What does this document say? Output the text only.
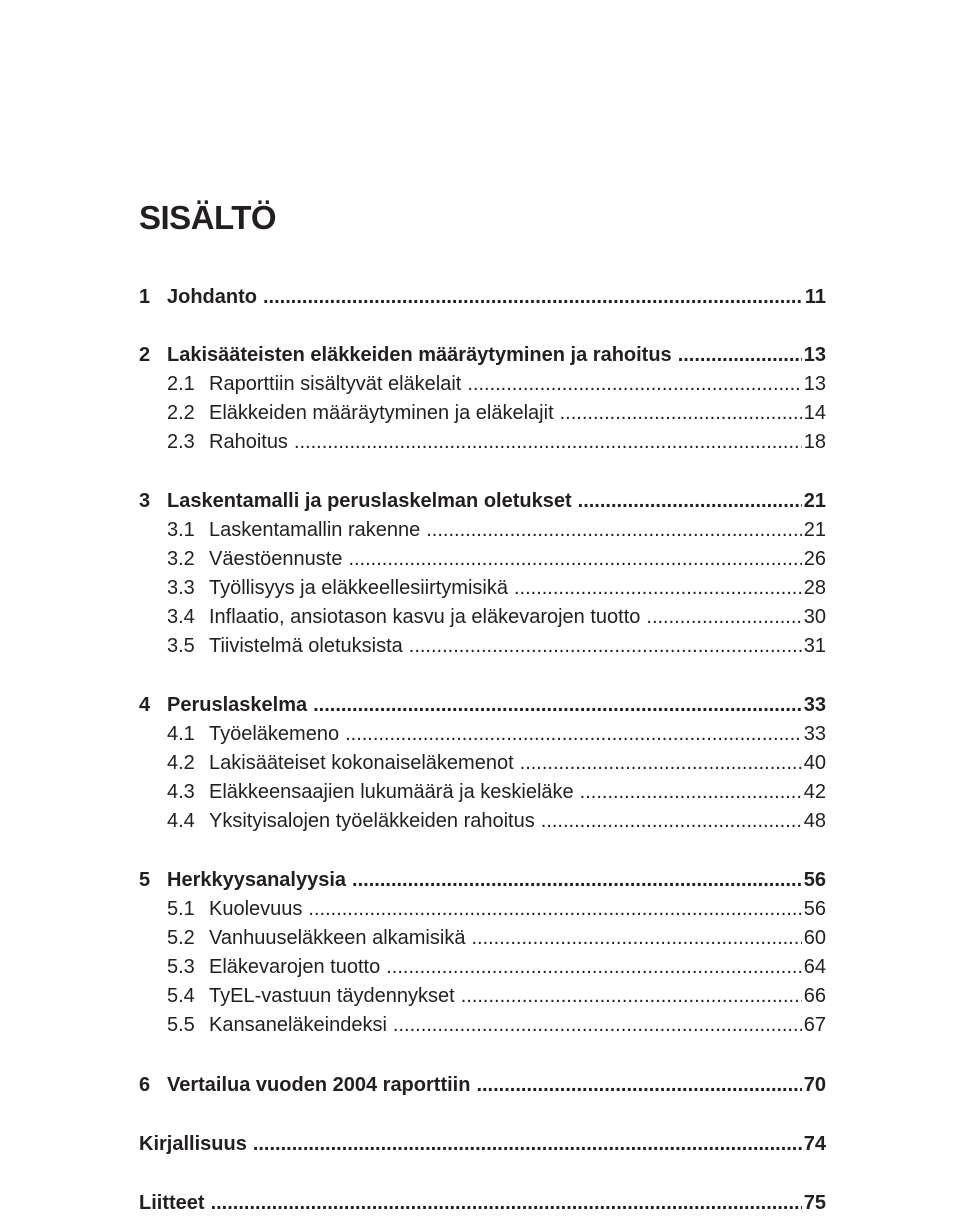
SISÄLTÖ
1 Johdanto .....	11
2 Lakisääteisten eläkkeiden määräytyminen ja rahoitus .....	13
2.1 Raporttiin sisältyvät eläkelait .....	13
2.2 Eläkkeiden määräytyminen ja eläkelajit .....	14
2.3 Rahoitus .....	18
3 Laskentamalli ja peruslaskelman oletukset .....	21
3.1 Laskentamallin rakenne .....	21
3.2 Väestöennuste .....	26
3.3 Työllisyys ja eläkkeellesiirtymisikä .....	28
3.4 Inflaatio, ansiotason kasvu ja eläkevarojen tuotto .....	30
3.5 Tiivistelmä oletuksista .....	31
4 Peruslaskelma .....	33
4.1 Työeläkemeno .....	33
4.2 Lakisääteiset kokonaiseläkemenot .....	40
4.3 Eläkkeensaajien lukumäärä ja keskieläke .....	42
4.4 Yksityisalojen työeläkkeiden rahoitus .....	48
5 Herkkyysanalyysia .....	56
5.1 Kuolevuus .....	56
5.2 Vanhuuseläkkeen alkamisikä .....	60
5.3 Eläkevarojen tuotto .....	64
5.4 TyEL-vastuun täydennykset .....	66
5.5 Kansaneläkeindeksi .....	67
6 Vertailua vuoden 2004 raporttiin .....	70
Kirjallisuus .....	74
Liitteet .....	75
